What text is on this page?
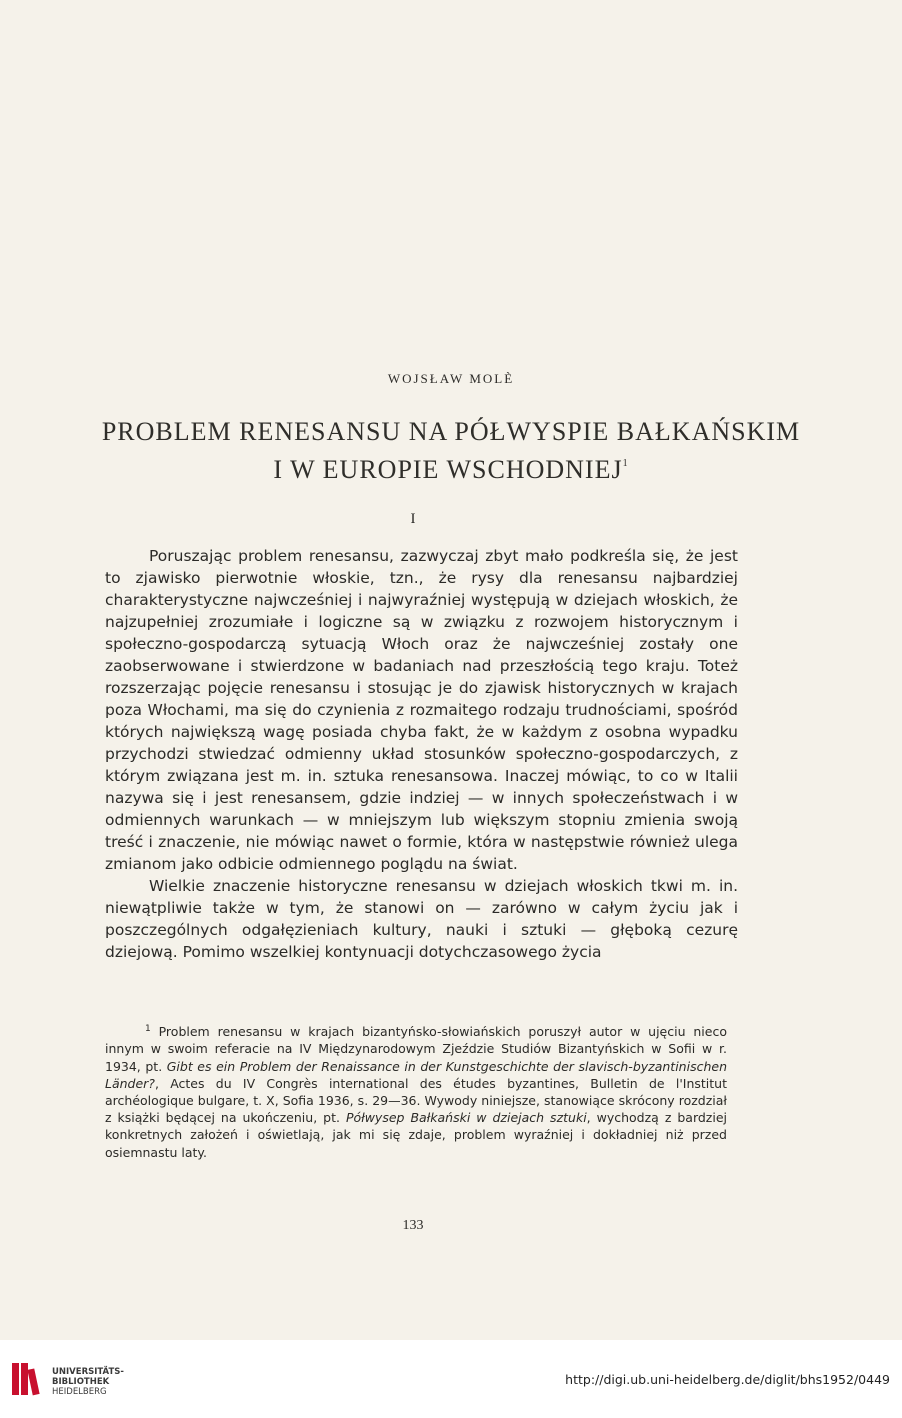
WOJSŁAW MOLÈ
PROBLEM RENESANSU NA PÓŁWYSPIE BAŁKAŃSKIM
I W EUROPIE WSCHODNIEJ$^1$
I

Poruszając problem renesansu, zazwyczaj zbyt mało podkreśla się, że jest to zjawisko pierwotnie włoskie, tzn., że rysy dla renesansu najbardziej charakterystyczne najwcześniej i najwyraźniej występują w dziejach włoskich, że najzupełniej zrozumiałe i logiczne są w związku z rozwojem historycznym i społeczno-gospodarczą sytuacją Włoch oraz że najwcześniej zostały one zaobserwowane i stwierdzone w badaniach nad przeszłością tego kraju. Toteż rozszerzając pojęcie renesansu i stosując je do zjawisk historycznych w krajach poza Włochami, ma się do czynienia z rozmaitego rodzaju trudnościami, spośród których największą wagę posiada chyba fakt, że w każdym z osobna wypadku przychodzi stwiedzać odmienny układ stosunków społeczno-gospodarczych, z którym związana jest m. in. sztuka renesansowa. Inaczej mówiąc, to co w Italii nazywa się i jest renesansem, gdzie indziej — w innych społeczeństwach i w odmiennych warunkach — w mniejszym lub większym stopniu zmienia swoją treść i znaczenie, nie mówiąc nawet o formie, która w następstwie również ulega zmianom jako odbicie odmiennego poglądu na świat.

Wielkie znaczenie historyczne renesansu w dziejach włoskich tkwi m. in. niewątpliwie także w tym, że stanowi on — zarówno w całym życiu jak i poszczególnych odgałęzieniach kultury, nauki i sztuki — głęboką cezurę dziejową. Pomimo wszelkiej kontynuacji dotychczasowego życia

$^1$ Problem renesansu w krajach bizantyńsko-słowiańskich poruszył autor w ujęciu nieco innym w swoim referacie na IV Międzynarodowym Zjeździe Studiów Bizantyńskich w Sofii w r. 1934, pt. Gibt es ein Problem der Renaissance in der Kunstgeschichte der slavisch-byzantinischen Länder?, Actes du IV Congrès international des études byzantines, Bulletin de l'Institut archéologique bulgare, t. X, Sofia 1936, s. 29—36. Wywody niniejsze, stanowiące skrócony rozdział z książki będącej na ukończeniu, pt. Półwysep Bałkański w dziejach sztuki, wychodzą z bardziej konkretnych założeń i oświetlają, jak mi się zdaje, problem wyraźniej i dokładniej niż przed osiemnastu laty.

133
UNIVERSITÄTS-
BIBLIOTHEK
HEIDELBERG
http://digi.ub.uni-heidelberg.de/diglit/bhs1952/0449
